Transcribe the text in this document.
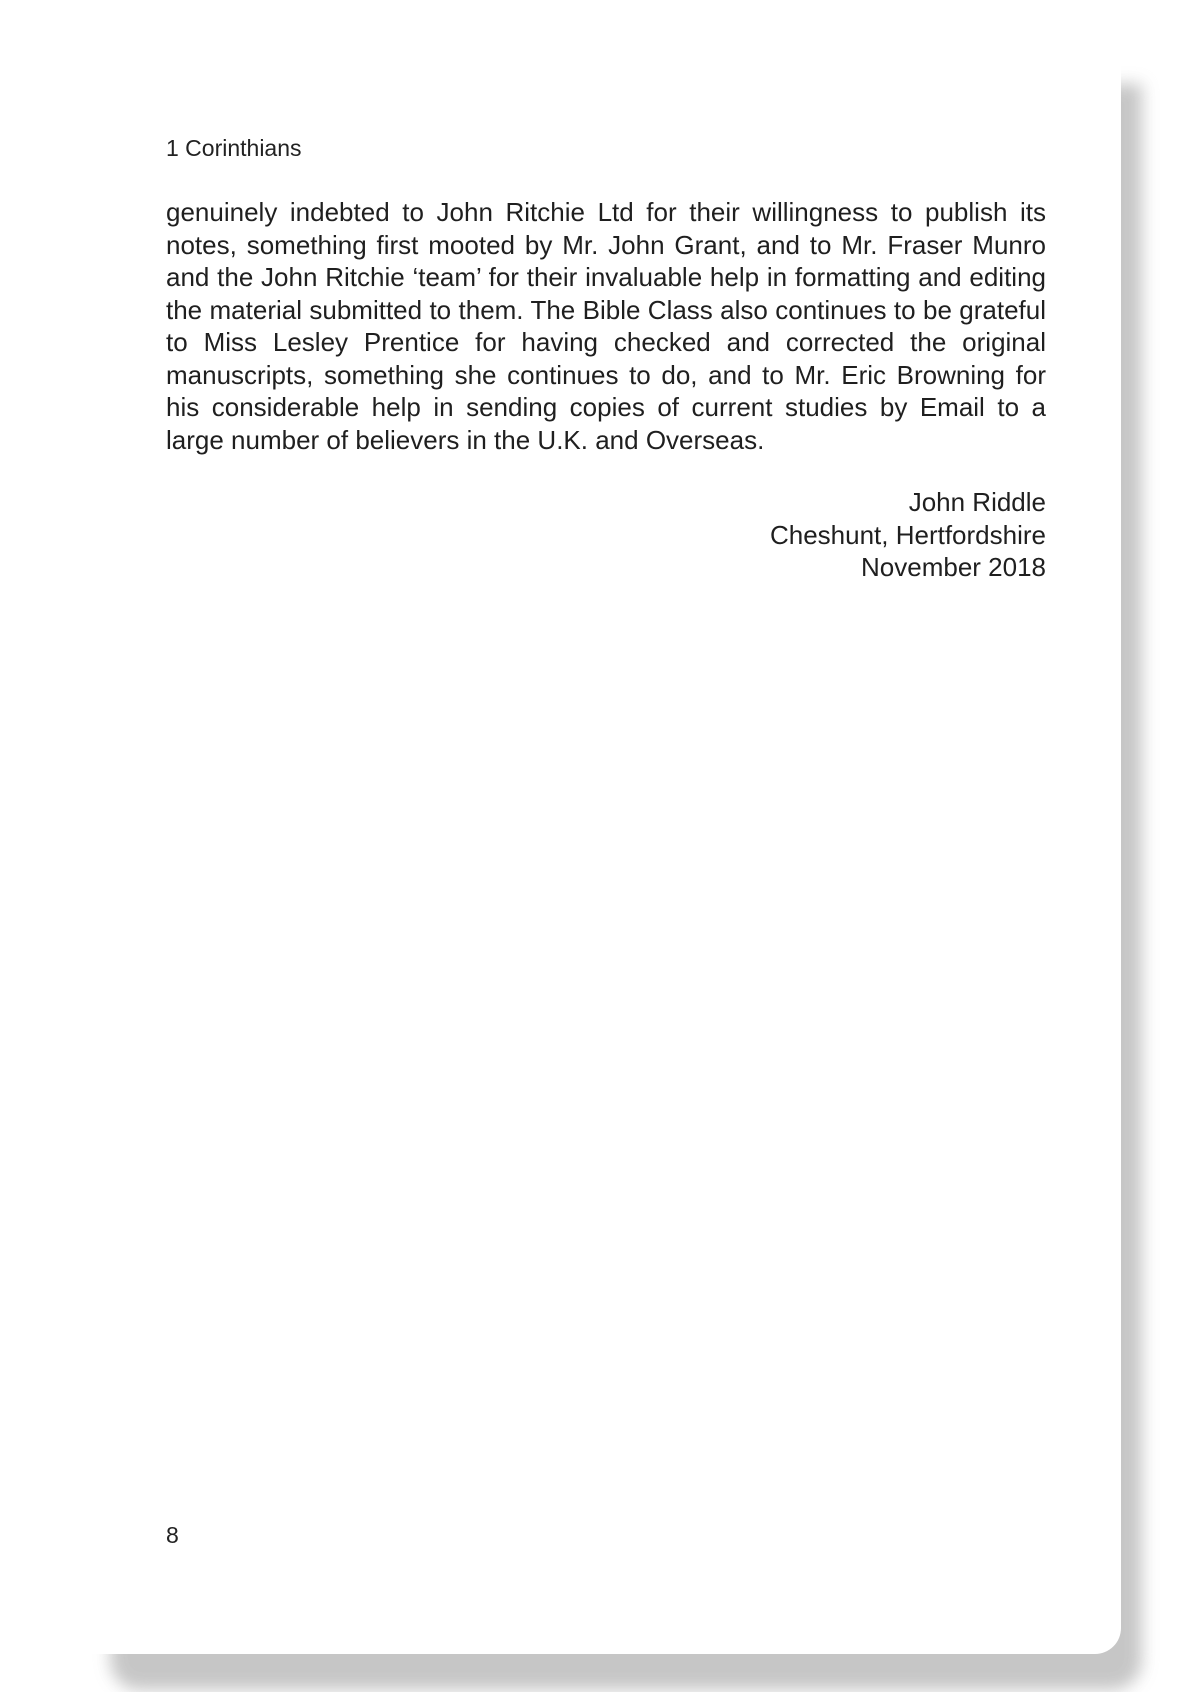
1 Corinthians

genuinely indebted to John Ritchie Ltd for their willingness to publish its notes, something first mooted by Mr. John Grant, and to Mr. Fraser Munro and the John Ritchie ‘team’ for their invaluable help in formatting and editing the material submitted to them. The Bible Class also continues to be grateful to Miss Lesley Prentice for having checked and corrected the original manuscripts, something she continues to do, and to Mr. Eric Browning for his considerable help in sending copies of current studies by Email to a large number of believers in the U.K. and Overseas.

John Riddle
Cheshunt, Hertfordshire
November 2018

8
